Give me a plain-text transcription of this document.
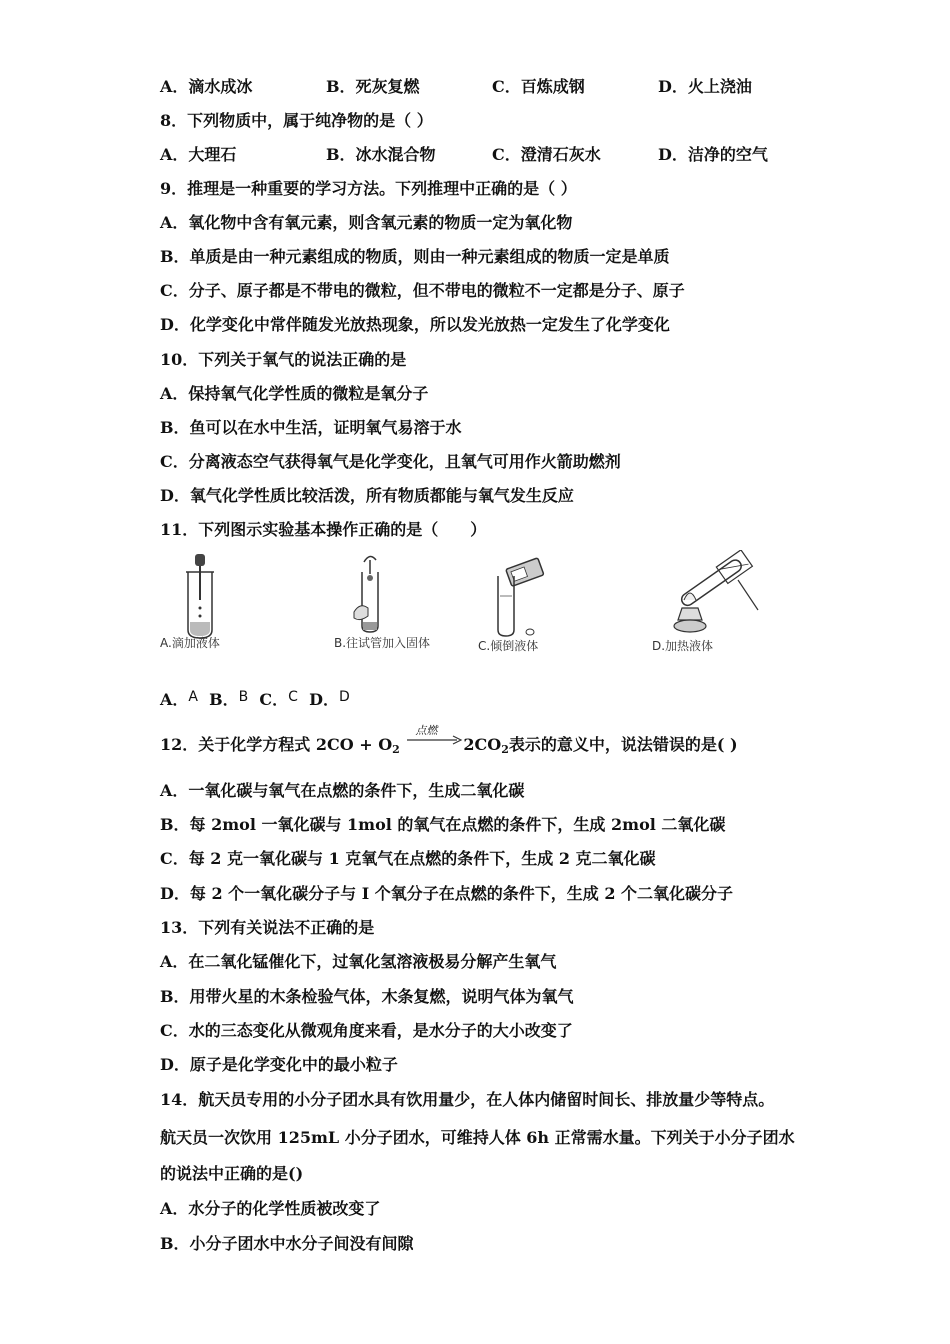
A．滴水成冰	B．死灰复燃	C．百炼成钢	D．火上浇油
8．下列物质中，属于纯净物的是（ ）
A．大理石	B．冰水混合物	C．澄清石灰水	D．洁净的空气
9．推理是一种重要的学习方法。下列推理中正确的是（ ）
A．氧化物中含有氧元素，则含氧元素的物质一定为氧化物
B．单质是由一种元素组成的物质，则由一种元素组成的物质一定是单质
C．分子、原子都是不带电的微粒，但不带电的微粒不一定都是分子、原子
D．化学变化中常伴随发光放热现象，所以发光放热一定发生了化学变化
10．下列关于氧气的说法正确的是
A．保持氧气化学性质的微粒是氧分子
B．鱼可以在水中生活，证明氧气易溶于水
C．分离液态空气获得氧气是化学变化，且氧气可用作火箭助燃剂
D．氧气化学性质比较活泼，所有物质都能与氧气发生反应
11．下列图示实验基本操作正确的是（　　）
A.滴加液体	B.往试管加入固体	C.倾倒液体	D.加热液体
A．A B．B C．C D．D
12．关于化学方程式 $2CO + O_2$
点燃
$2CO_2$表示的意义中，说法错误的是( )
A．一氧化碳与氧气在点燃的条件下，生成二氧化碳
B．每 2mol 一氧化碳与 1mol 的氧气在点燃的条件下，生成 2mol 二氧化碳
C．每 2 克一氧化碳与 1 克氧气在点燃的条件下，生成 2 克二氧化碳
D．每 2 个一氧化碳分子与 I 个氧分子在点燃的条件下，生成 2 个二氧化碳分子
13．下列有关说法不正确的是
A．在二氧化锰催化下，过氧化氢溶液极易分解产生氧气
B．用带火星的木条检验气体，木条复燃，说明气体为氧气
C．水的三态变化从微观角度来看，是水分子的大小改变了
D．原子是化学变化中的最小粒子
14．航天员专用的小分子团水具有饮用量少，在人体内储留时间长、排放量少等特点。
航天员一次饮用 125mL 小分子团水，可维持人体 6h 正常需水量。下列关于小分子团水
的说法中正确的是()
A．水分子的化学性质被改变了
B．小分子团水中水分子间没有间隙
